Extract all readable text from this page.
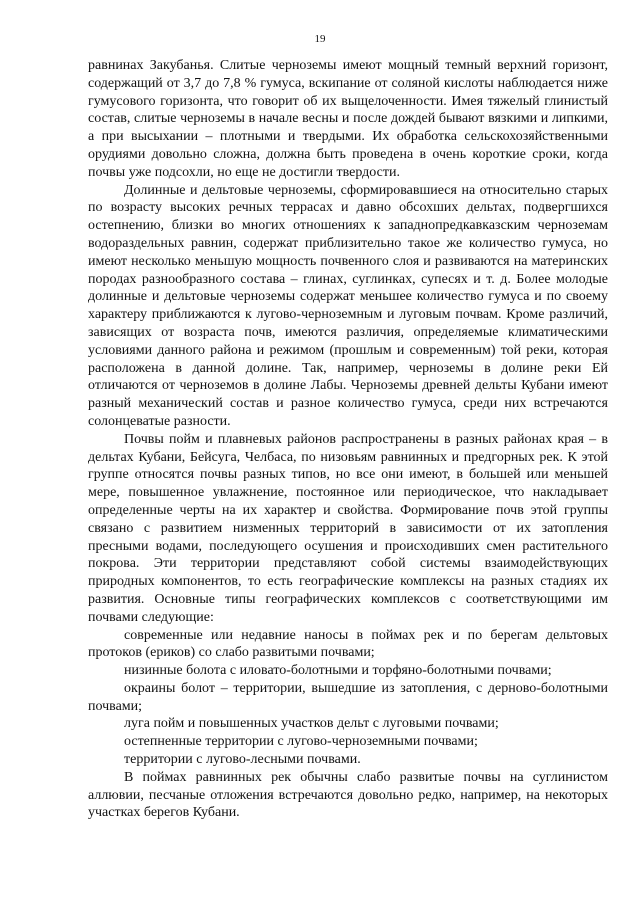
19

равнинах Закубанья. Слитые черноземы имеют мощный темный верхний горизонт, содержащий от 3,7 до 7,8 % гумуса, вскипание от соляной кислоты наблюдается ниже гумусового горизонта, что говорит об их выщелоченности. Имея тяжелый глинистый состав, слитые черноземы в начале весны и после дождей бывают вязкими и липкими, а при высыхании – плотными и твердыми. Их обработка сельскохозяйственными орудиями довольно сложна, должна быть проведена в очень короткие сроки, когда почвы уже подсохли, но еще не достигли твердости.

Долинные и дельтовые черноземы, сформировавшиеся на относительно старых по возрасту высоких речных террасах и давно обсохших дельтах, подвергшихся остепнению, близки во многих отношениях к западнопредкавказским черноземам водораздельных равнин, содержат приблизительно такое же количество гумуса, но имеют несколько меньшую мощность почвенного слоя и развиваются на материнских породах разнообразного состава – глинах, суглинках, супесях и т. д. Более молодые долинные и дельтовые черноземы содержат меньшее количество гумуса и по своему характеру приближаются к лугово-черноземным и луговым почвам. Кроме различий, зависящих от возраста почв, имеются различия, определяемые климатическими условиями данного района и режимом (прошлым и современным) той реки, которая расположена в данной долине. Так, например, черноземы в долине реки Ей отличаются от черноземов в долине Лабы. Черноземы древней дельты Кубани имеют разный механический состав и разное количество гумуса, среди них встречаются солонцеватые разности.

Почвы пойм и плавневых районов распространены в разных районах края – в дельтах Кубани, Бейсуга, Челбаса, по низовьям равнинных и предгорных рек. К этой группе относятся почвы разных типов, но все они имеют, в большей или меньшей мере, повышенное увлажнение, постоянное или периодическое, что накладывает определенные черты на их характер и свойства. Формирование почв этой группы связано с развитием низменных территорий в зависимости от их затопления пресными водами, последующего осушения и происходивших смен растительного покрова. Эти территории представляют собой системы взаимодействующих природных компонентов, то есть географические комплексы на разных стадиях их развития. Основные типы географических комплексов с соответствующими им почвами следующие:

современные или недавние наносы в поймах рек и по берегам дельтовых протоков (ериков) со слабо развитыми почвами;

низинные болота с иловато-болотными и торфяно-болотными почвами;

окраины болот – территории, вышедшие из затопления, с дерново-болотными почвами;

луга пойм и повышенных участков дельт с луговыми почвами;

остепненные территории с лугово-черноземными почвами;

территории с лугово-лесными почвами.

В поймах равнинных рек обычны слабо развитые почвы на суглинистом аллювии, песчаные отложения встречаются довольно редко, например, на некоторых участках берегов Кубани.
